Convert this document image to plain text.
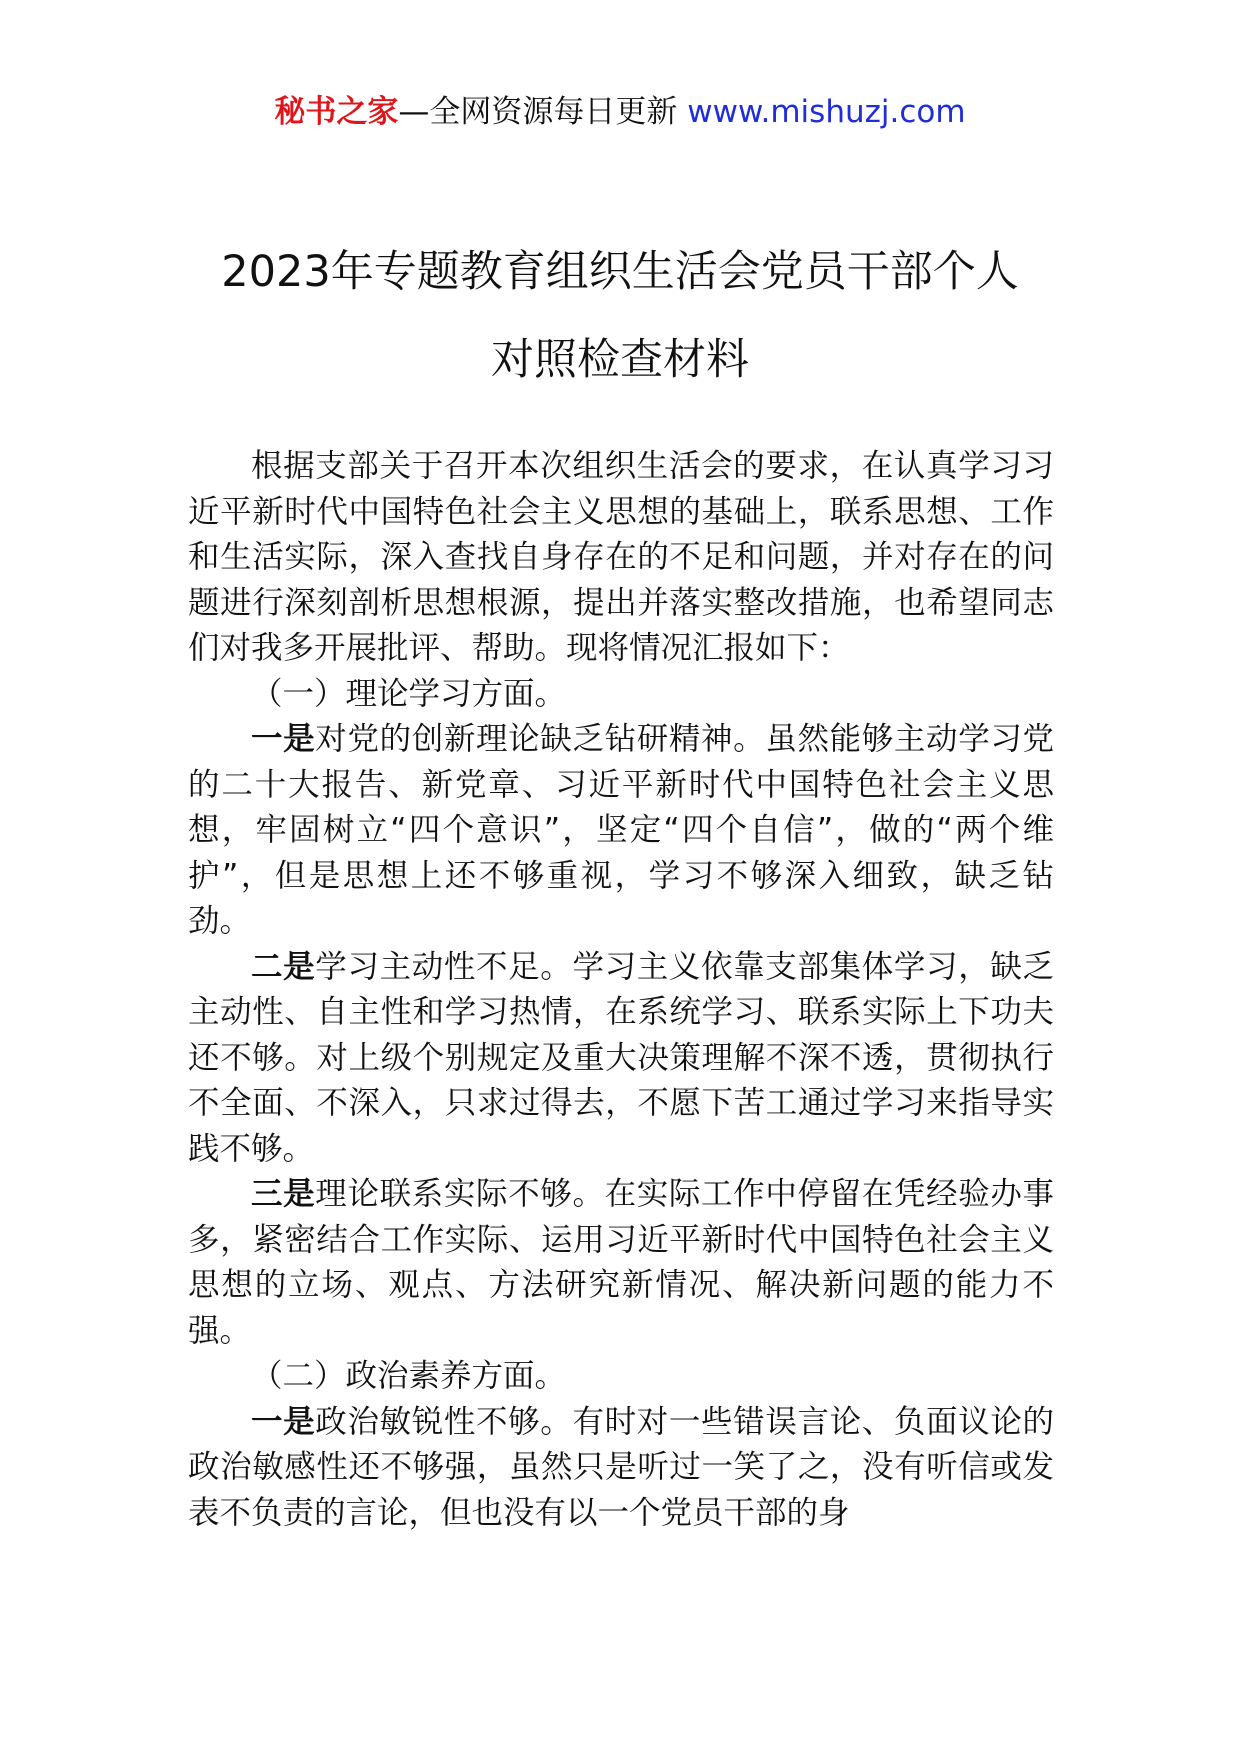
秘书之家—全网资源每日更新 www.mishuzj.com
2023年专题教育组织生活会党员干部个人
对照检查材料

根据支部关于召开本次组织生活会的要求，在认真学习习近平新时代中国特色社会主义思想的基础上，联系思想、工作和生活实际，深入查找自身存在的不足和问题，并对存在的问题进行深刻剖析思想根源，提出并落实整改措施，也希望同志们对我多开展批评、帮助。现将情况汇报如下：

（一）理论学习方面。

一是对党的创新理论缺乏钻研精神。虽然能够主动学习党的二十大报告、新党章、习近平新时代中国特色社会主义思想，牢固树立“四个意识”，坚定“四个自信”，做的“两个维护”，但是思想上还不够重视，学习不够深入细致，缺乏钻劲。

二是学习主动性不足。学习主义依靠支部集体学习，缺乏主动性、自主性和学习热情，在系统学习、联系实际上下功夫还不够。对上级个别规定及重大决策理解不深不透，贯彻执行不全面、不深入，只求过得去，不愿下苦工通过学习来指导实践不够。

三是理论联系实际不够。在实际工作中停留在凭经验办事多，紧密结合工作实际、运用习近平新时代中国特色社会主义思想的立场、观点、方法研究新情况、解决新问题的能力不强。

（二）政治素养方面。

一是政治敏锐性不够。有时对一些错误言论、负面议论的政治敏感性还不够强，虽然只是听过一笑了之，没有听信或发表不负责的言论，但也没有以一个党员干部的身
